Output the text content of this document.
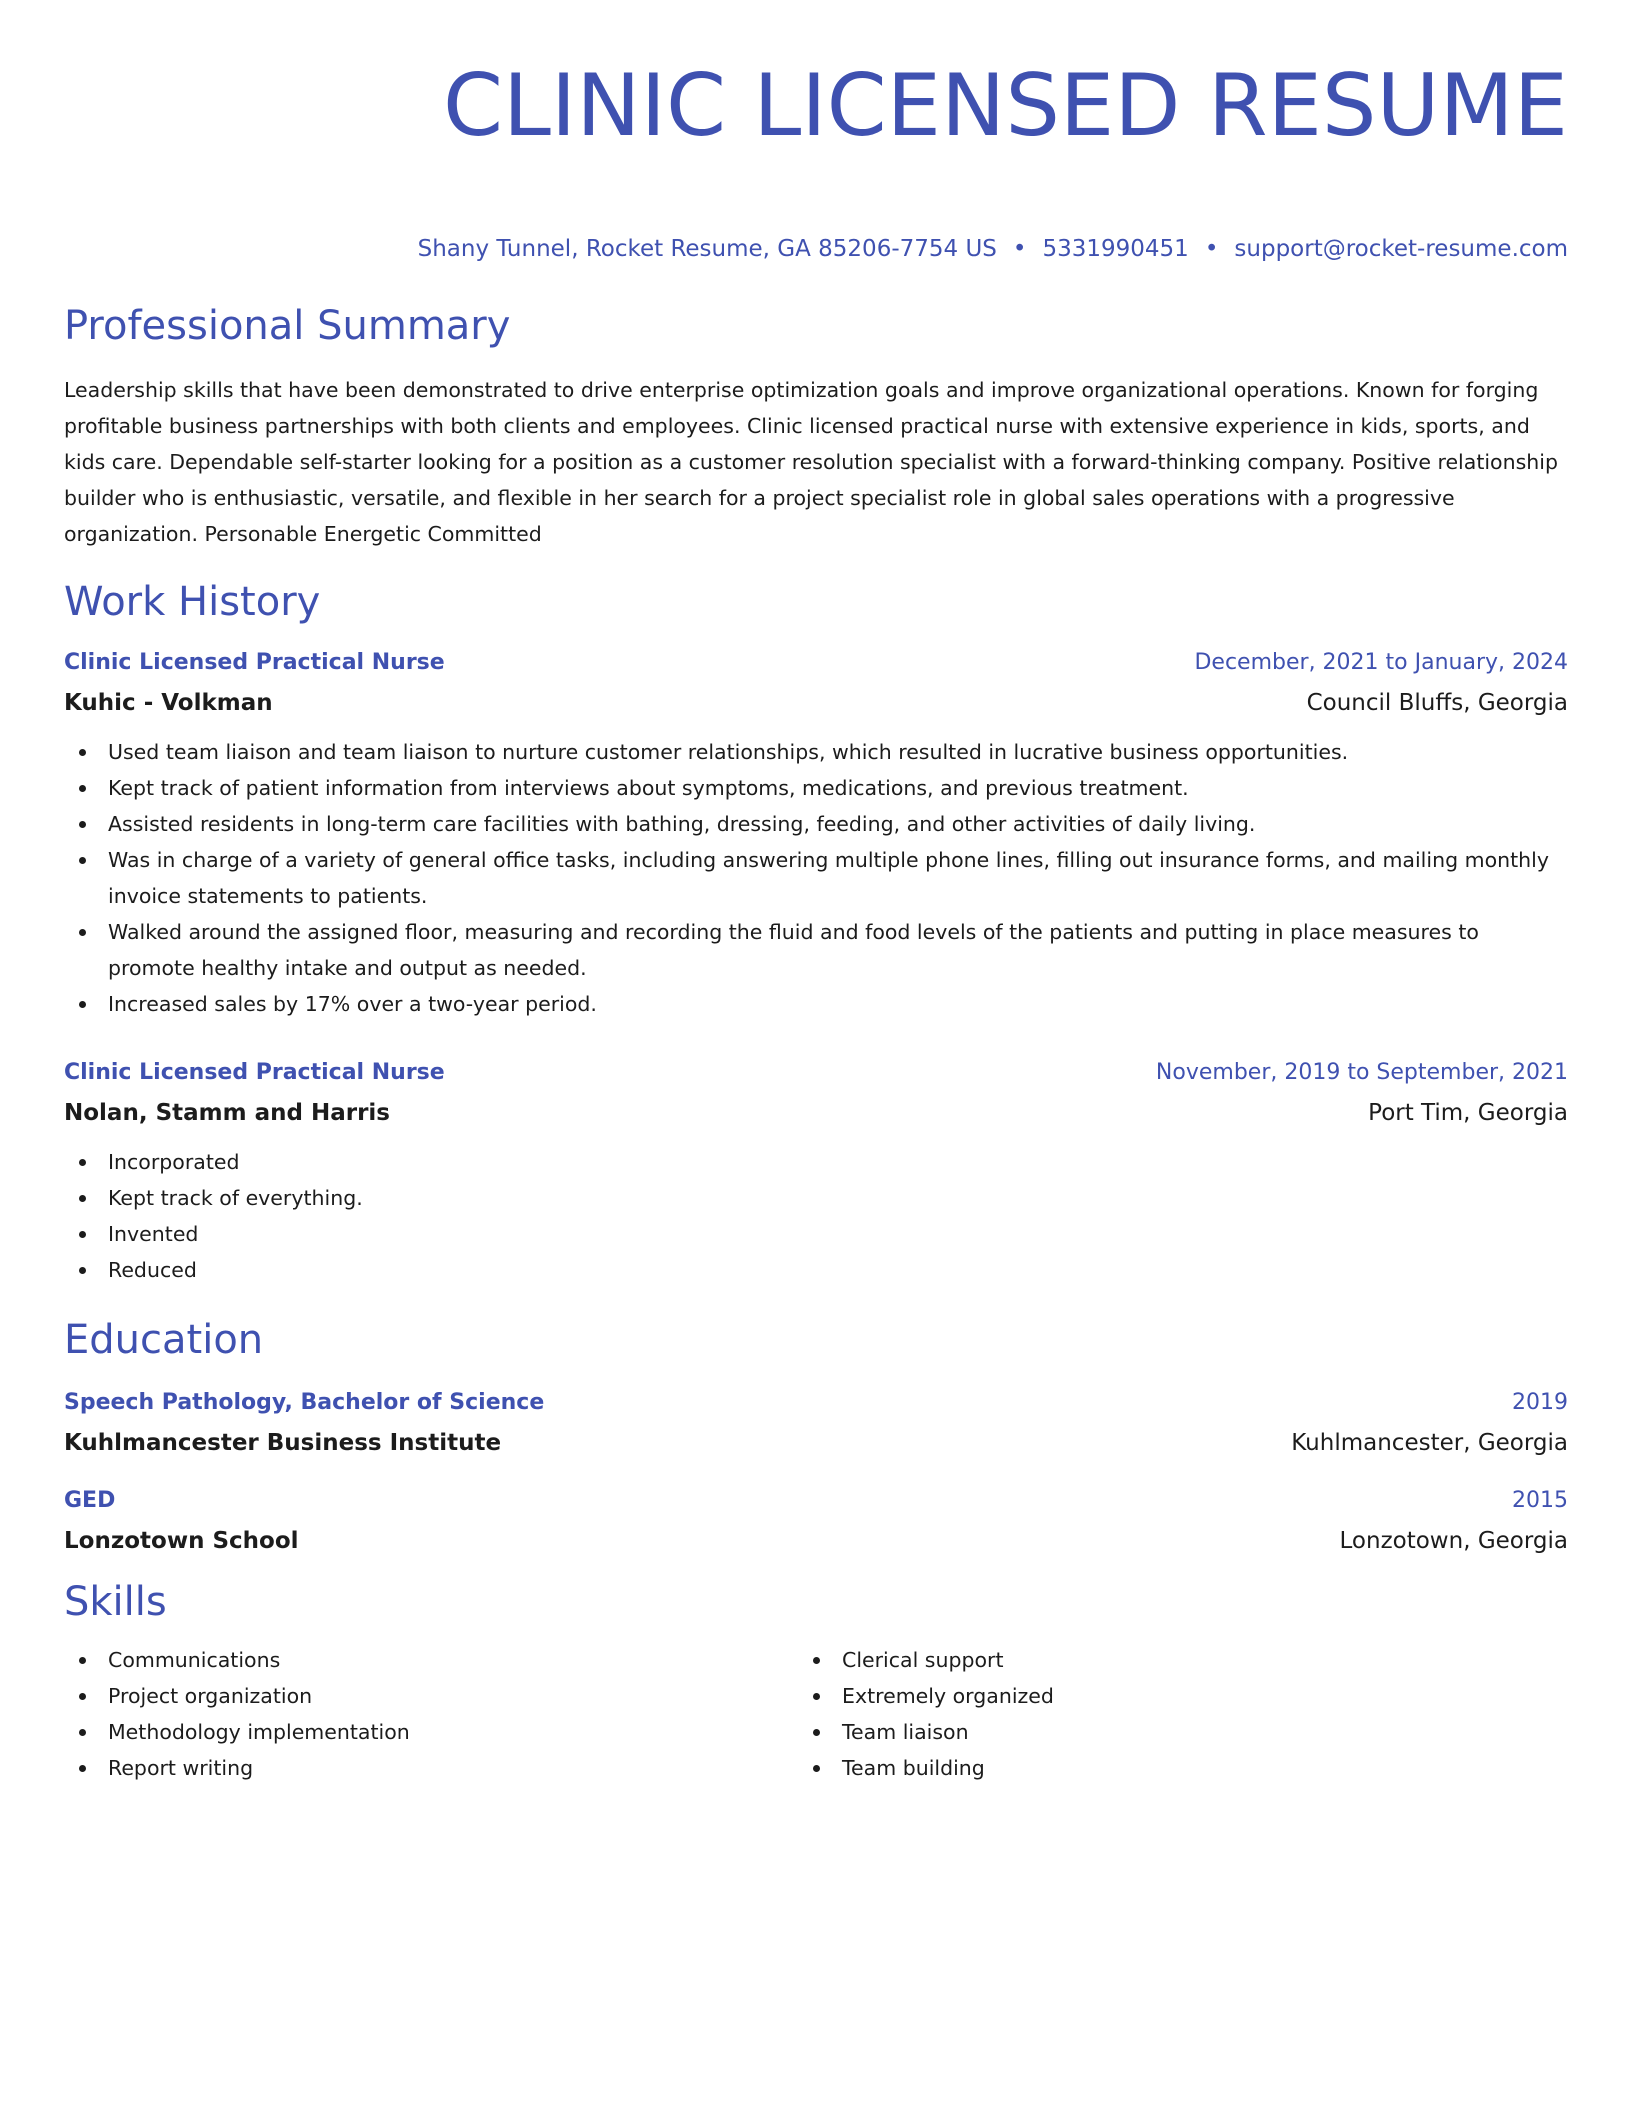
CLINIC LICENSED RESUME
Shany Tunnel, Rocket Resume, GA 85206-7754 US • 5331990451 • support@rocket-resume.com
Professional Summary

Leadership skills that have been demonstrated to drive enterprise optimization goals and improve organizational operations. Known for forging profitable business partnerships with both clients and employees. Clinic licensed practical nurse with extensive experience in kids, sports, and kids care. Dependable self-starter looking for a position as a customer resolution specialist with a forward-thinking company. Positive relationship builder who is enthusiastic, versatile, and flexible in her search for a project specialist role in global sales operations with a progressive organization. Personable Energetic Committed

Work History
Clinic Licensed Practical Nurse	December, 2021 to January, 2024
Kuhic - Volkman	Council Bluffs, Georgia
Used team liaison and team liaison to nurture customer relationships, which resulted in lucrative business opportunities.
Kept track of patient information from interviews about symptoms, medications, and previous treatment.
Assisted residents in long-term care facilities with bathing, dressing, feeding, and other activities of daily living.
Was in charge of a variety of general office tasks, including answering multiple phone lines, filling out insurance forms, and mailing monthly invoice statements to patients.
Walked around the assigned floor, measuring and recording the fluid and food levels of the patients and putting in place measures to promote healthy intake and output as needed.
Increased sales by 17% over a two-year period.
Clinic Licensed Practical Nurse	November, 2019 to September, 2021
Nolan, Stamm and Harris	Port Tim, Georgia
Incorporated
Kept track of everything.
Invented
Reduced
Education
Speech Pathology, Bachelor of Science	2019
Kuhlmancester Business Institute	Kuhlmancester, Georgia
GED	2015
Lonzotown School	Lonzotown, Georgia
Skills
Communications
Project organization
Methodology implementation
Report writing
Clerical support
Extremely organized
Team liaison
Team building
